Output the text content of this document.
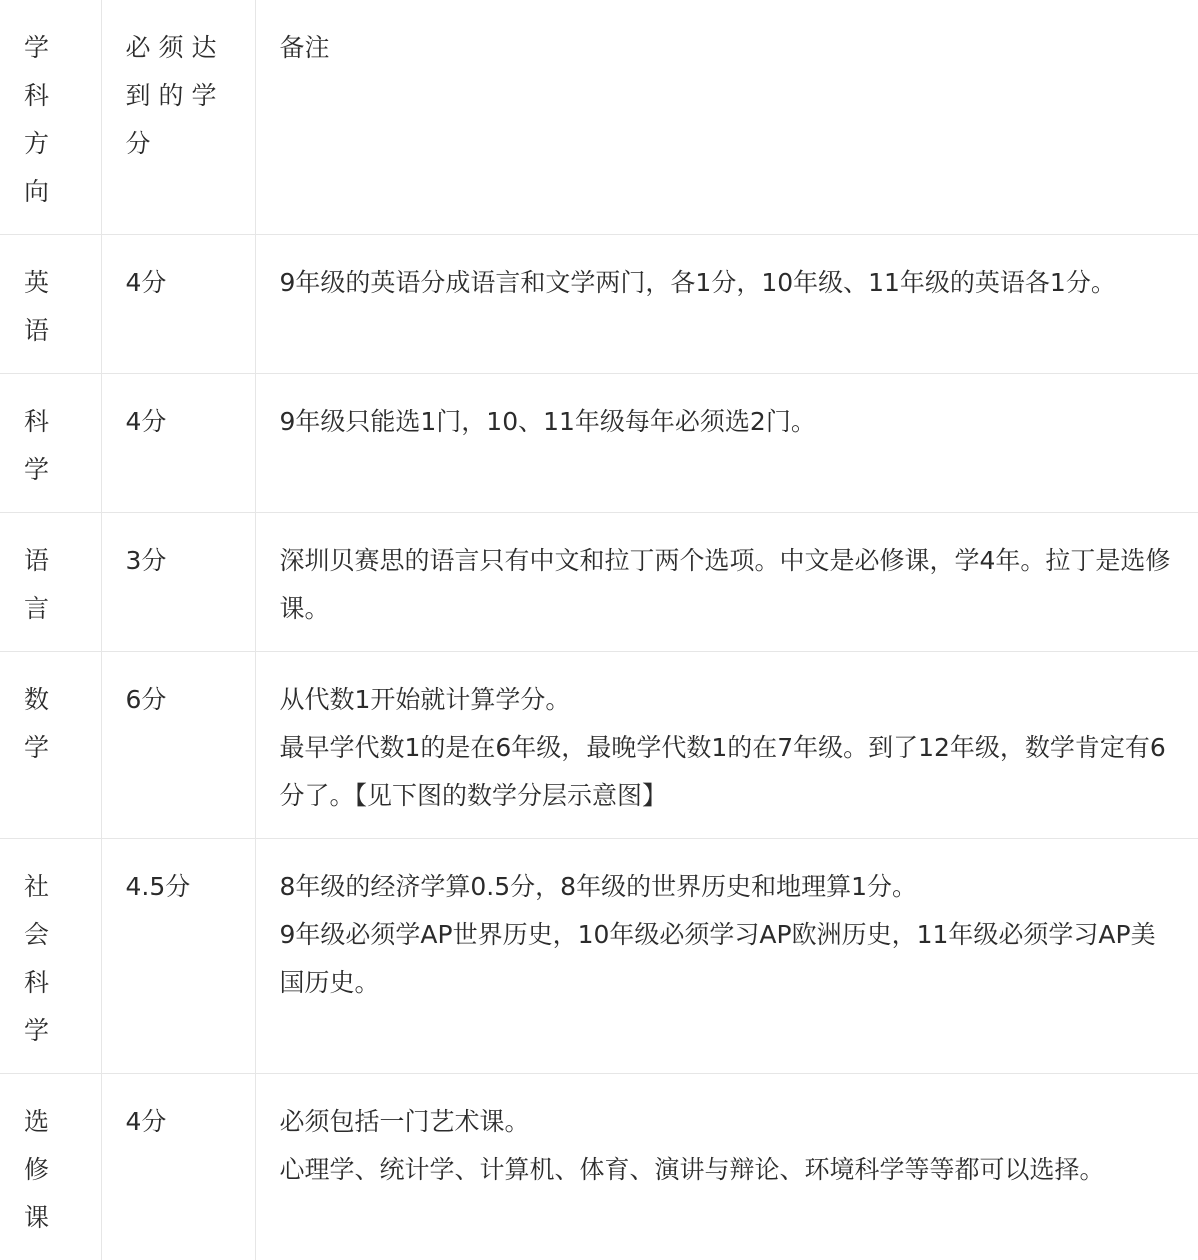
学科方向	必须达到的学分	备注

英语	4分	9年级的英语分成语言和文学两门，各1分，10年级、11年级的英语各1分。

科学	4分	9年级只能选1门，10、11年级每年必须选2门。

语言	3分	深圳贝赛思的语言只有中文和拉丁两个选项。中文是必修课，学4年。拉丁是选修课。

数学	6分	从代数1开始就计算学分。
最早学代数1的是在6年级，最晚学代数1的在7年级。到了12年级，数学肯定有6分了。【见下图的数学分层示意图】

社会科学	4.5分	8年级的经济学算0.5分，8年级的世界历史和地理算1分。
9年级必须学AP世界历史，10年级必须学习AP欧洲历史，11年级必须学习AP美国历史。

选修课	4分	必须包括一门艺术课。
心理学、统计学、计算机、体育、演讲与辩论、环境科学等等都可以选择。
